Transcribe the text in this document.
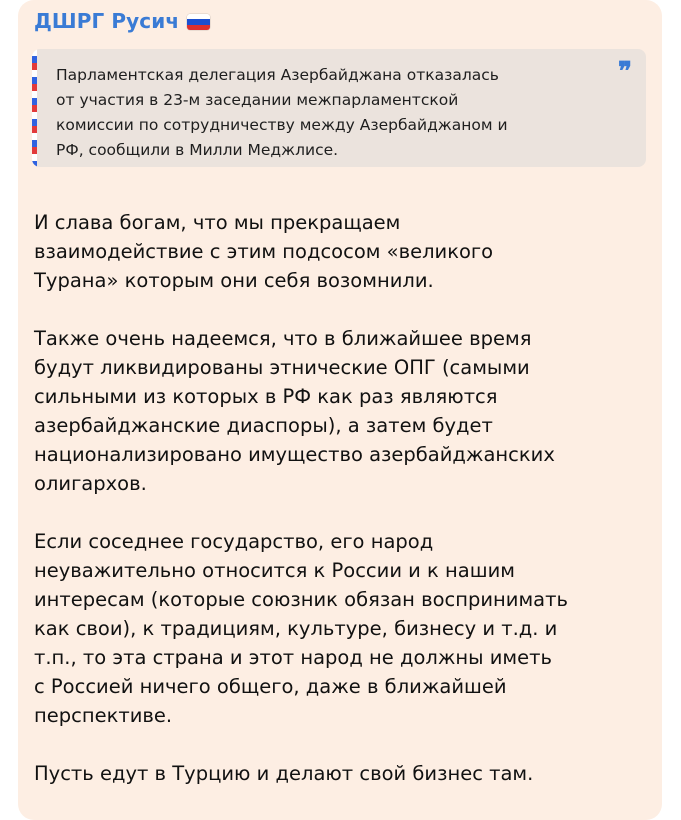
ДШРГ Русич
❞

Парламентская делегация Азербайджана отказалась
от участия в 23-м заседании межпарламентской
комиссии по сотрудничеству между Азербайджаном и
РФ, сообщили в Милли Меджлисе.

И слава богам, что мы прекращаем
взаимодействие с этим подсосом «великого
Турана» которым они себя возомнили.

Также очень надеемся, что в ближайшее время
будут ликвидированы этнические ОПГ (самыми
сильными из которых в РФ как раз являются
азербайджанские диаспоры), а затем будет
национализировано имущество азербайджанских
олигархов.

Если соседнее государство, его народ
неуважительно относится к России и к нашим
интересам (которые союзник обязан воспринимать
как свои), к традициям, культуре, бизнесу и т.д. и
т.п., то эта страна и этот народ не должны иметь
с Россией ничего общего, даже в ближайшей
перспективе.

Пусть едут в Турцию и делают свой бизнес там.
